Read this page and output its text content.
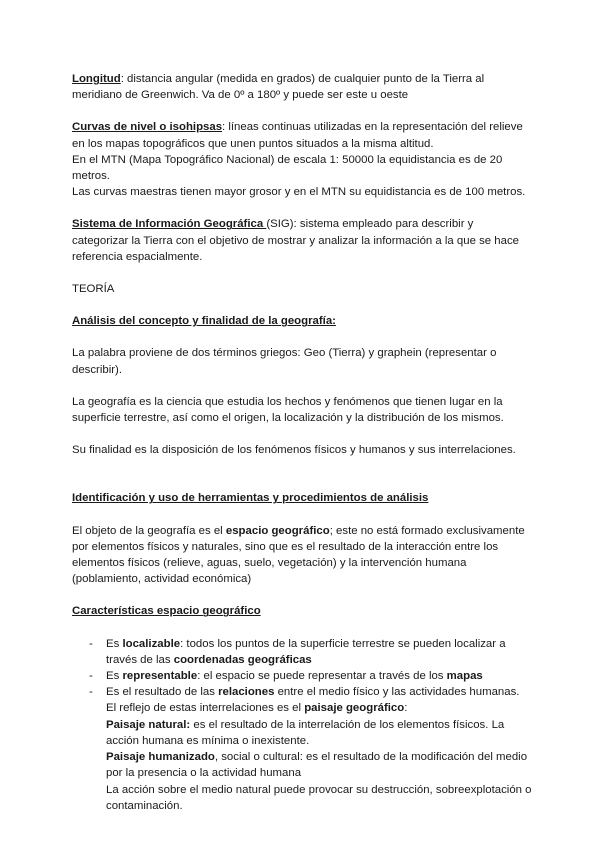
Longitud: distancia angular (medida en grados) de cualquier punto de la Tierra al meridiano de Greenwich. Va de 0º a 180º y puede ser este u oeste

Curvas de nivel o isohipsas: líneas continuas utilizadas en la representación del relieve en los mapas topográficos que unen puntos situados a la misma altitud.

En el MTN (Mapa Topográfico Nacional) de escala 1: 50000 la equidistancia es de 20 metros.

Las curvas maestras tienen mayor grosor y en el MTN su equidistancia es de 100 metros.

Sistema de Información Geográfica (SIG): sistema empleado para describir y categorizar la Tierra con el objetivo de mostrar y analizar la información a la que se hace referencia espacialmente.

TEORÍA

Análisis del concepto y finalidad de la geografía:

La palabra proviene de dos términos griegos: Geo (Tierra) y graphein (representar o describir).

La geografía es la ciencia que estudia los hechos y fenómenos que tienen lugar en la superficie terrestre, así como el origen, la localización y la distribución de los mismos.

Su finalidad es la disposición de los fenómenos físicos y humanos y sus interrelaciones.

Identificación y uso de herramientas y procedimientos de análisis

El objeto de la geografía es el espacio geográfico; este no está formado exclusivamente por elementos físicos y naturales, sino que es el resultado de la interacción entre los elementos físicos (relieve, aguas, suelo, vegetación) y la intervención humana (poblamiento, actividad económica)

Características espacio geográfico

- Es localizable: todos los puntos de la superficie terrestre se pueden localizar a través de las coordenadas geográficas
- Es representable: el espacio se puede representar a través de los mapas

- Es el resultado de las relaciones entre el medio físico y las actividades humanas. El reflejo de estas interrelaciones es el paisaje geográfico:

Paisaje natural: es el resultado de la interrelación de los elementos físicos. La acción humana es mínima o inexistente.

Paisaje humanizado, social o cultural: es el resultado de la modificación del medio por la presencia o la actividad humana

La acción sobre el medio natural puede provocar su destrucción, sobreexplotación o contaminación.
